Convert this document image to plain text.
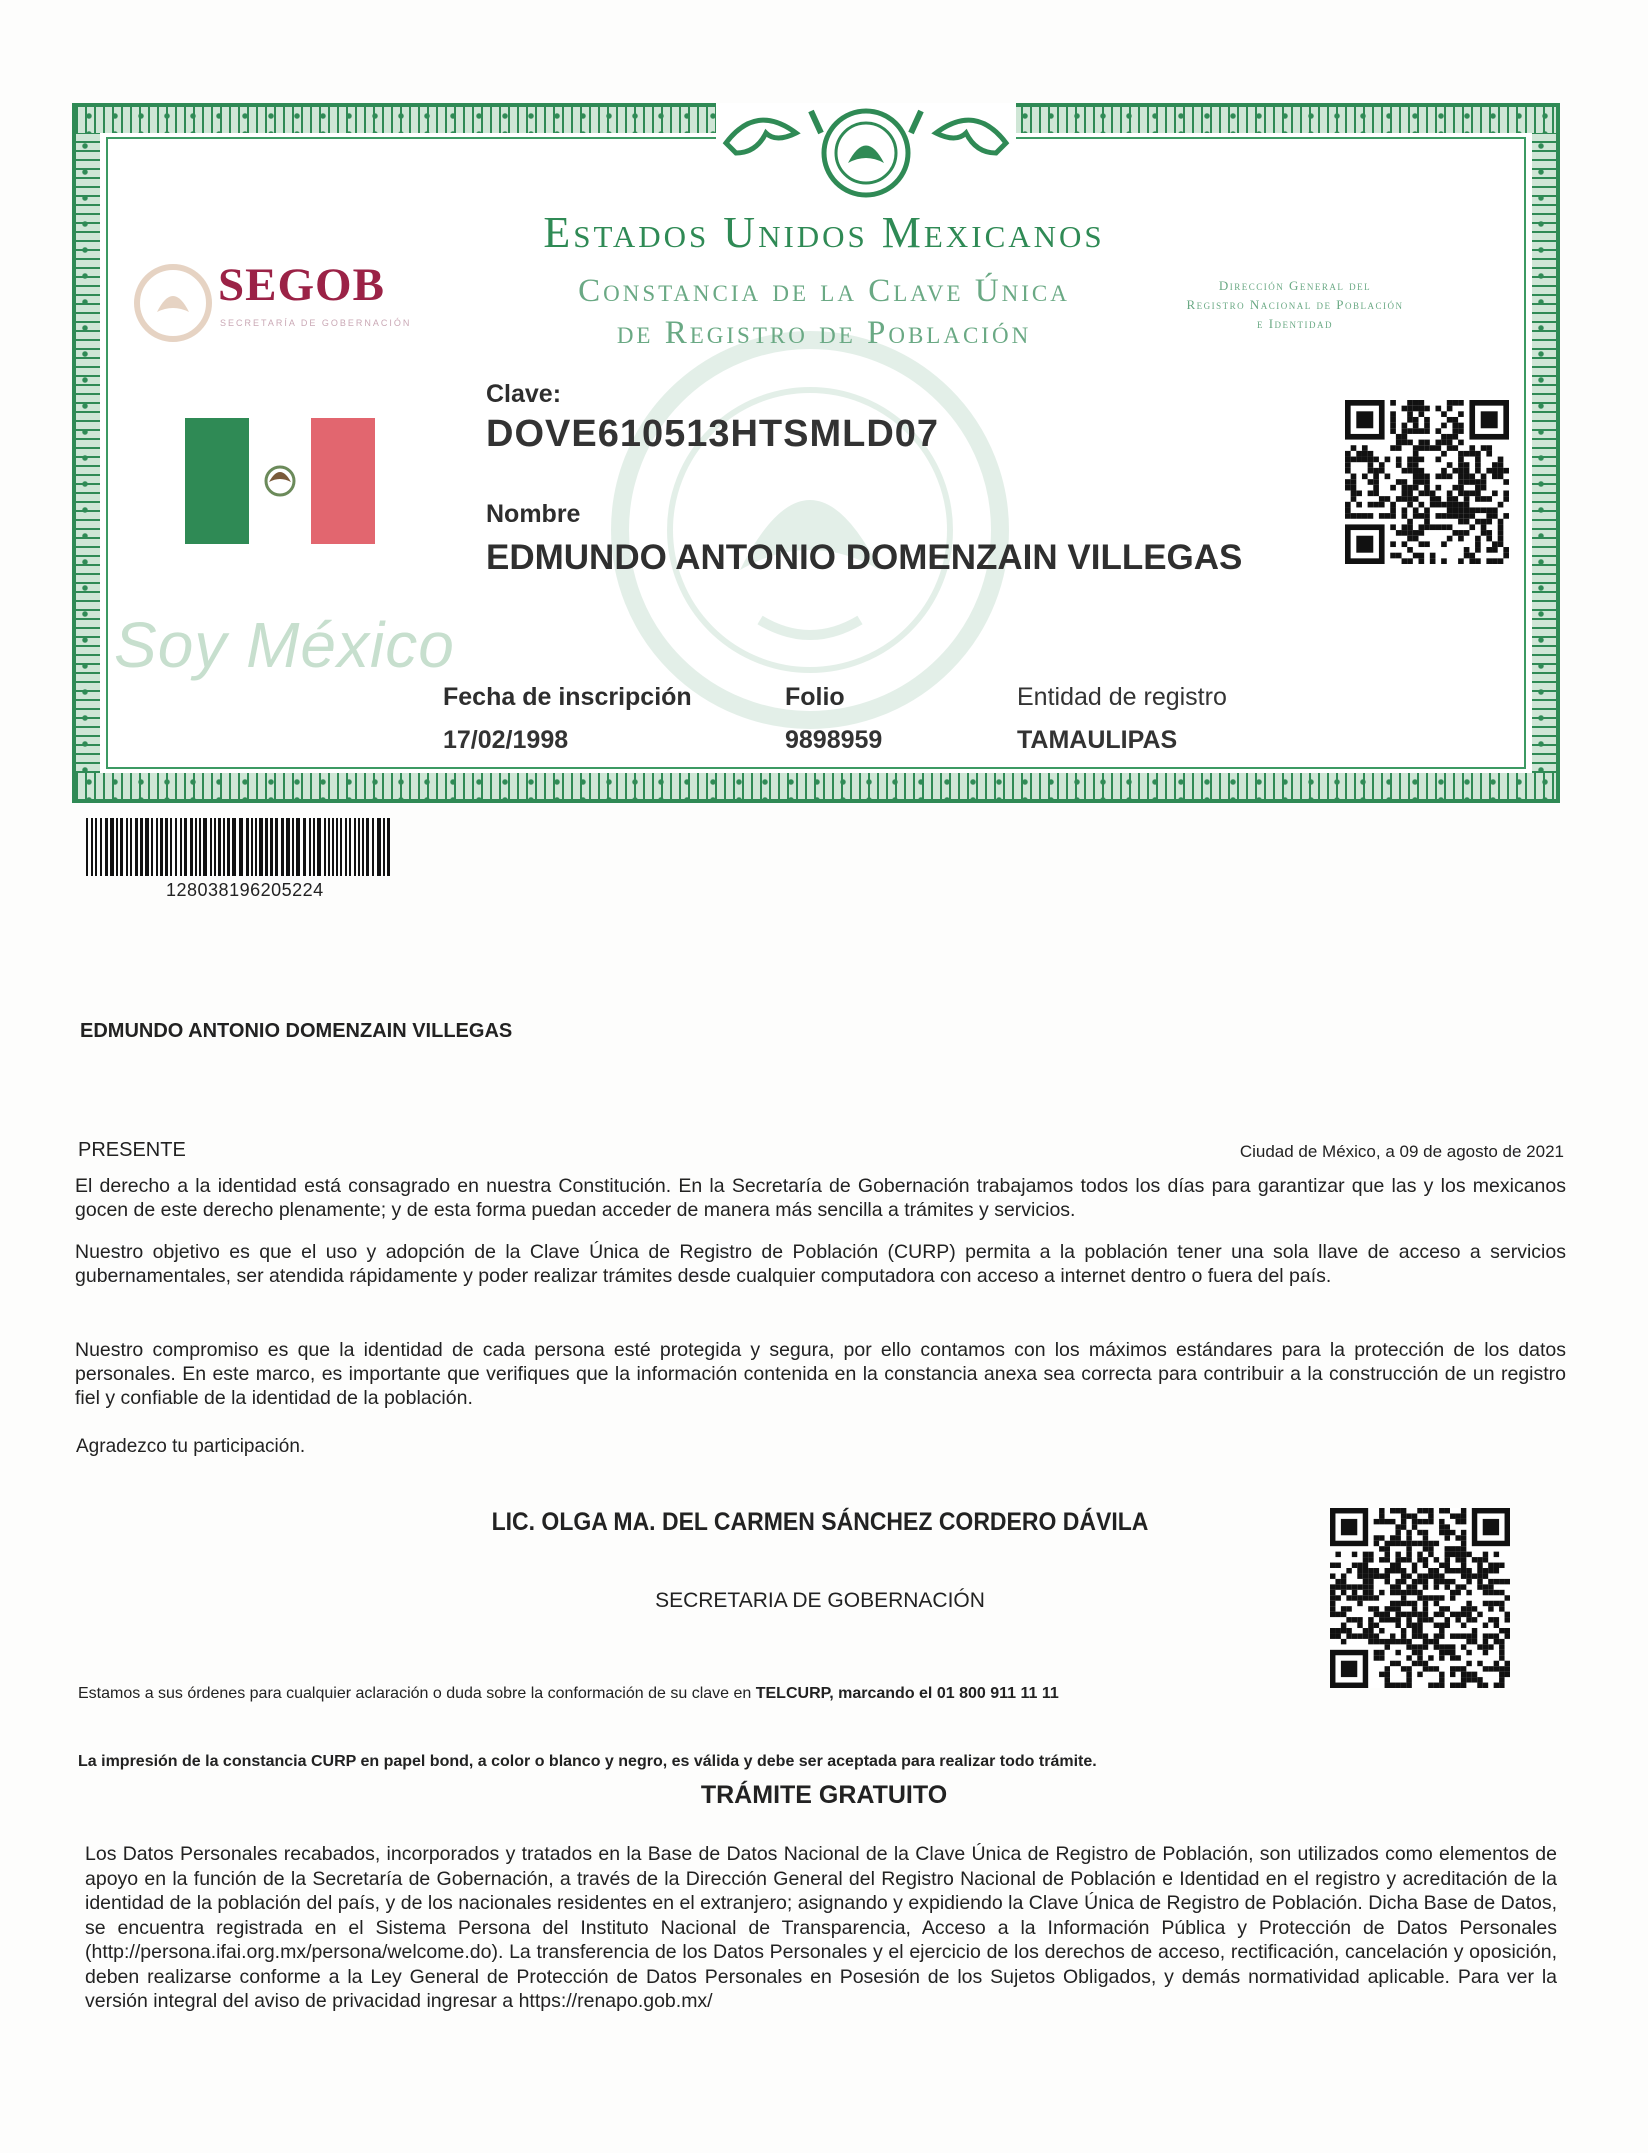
Estados Unidos Mexicanos
Constancia de la Clave Única
de Registro de Población
Dirección General del
Registro Nacional de Población
e Identidad
SEGOB
SECRETARÍA DE GOBERNACIÓN
Soy México
Clave:
DOVE610513HTSMLD07
Nombre
EDMUNDO ANTONIO DOMENZAIN VILLEGAS
Fecha de inscripción
17/02/1998
Folio
9898959
Entidad de registro
TAMAULIPAS
128038196205224
EDMUNDO ANTONIO DOMENZAIN VILLEGAS
PRESENTE	Ciudad de México, a 09 de agosto de 2021
El derecho a la identidad está consagrado en nuestra Constitución. En la Secretaría de Gobernación trabajamos todos los días para garantizar que las y los mexicanos gocen de este derecho plenamente; y de esta forma puedan acceder de manera más sencilla a trámites y servicios.
Nuestro objetivo es que el uso y adopción de la Clave Única de Registro de Población (CURP) permita a la población tener una sola llave de acceso a servicios gubernamentales, ser atendida rápidamente y poder realizar trámites desde cualquier computadora con acceso a internet dentro o fuera del país.
Nuestro compromiso es que la identidad de cada persona esté protegida y segura, por ello contamos con los máximos estándares para la protección de los datos personales. En este marco, es importante que verifiques que la información contenida en la constancia anexa sea correcta para contribuir a la construcción de un registro fiel y confiable de la identidad de la población.
Agradezco tu participación.
LIC. OLGA MA. DEL CARMEN SÁNCHEZ CORDERO DÁVILA
SECRETARIA DE GOBERNACIÓN
Estamos a sus órdenes para cualquier aclaración o duda sobre la conformación de su clave en TELCURP, marcando el 01 800 911 11 11
La impresión de la constancia CURP en papel bond, a color o blanco y negro, es válida y debe ser aceptada para realizar todo trámite.
TRÁMITE GRATUITO
Los Datos Personales recabados, incorporados y tratados en la Base de Datos Nacional de la Clave Única de Registro de Población, son utilizados como elementos de apoyo en la función de la Secretaría de Gobernación, a través de la Dirección General del Registro Nacional de Población e Identidad en el registro y acreditación de la identidad de la población del país, y de los nacionales residentes en el extranjero; asignando y expidiendo la Clave Única de Registro de Población. Dicha Base de Datos, se encuentra registrada en el Sistema Persona del Instituto Nacional de Transparencia, Acceso a la Información Pública y Protección de Datos Personales (http://persona.ifai.org.mx/persona/welcome.do). La transferencia de los Datos Personales y el ejercicio de los derechos de acceso, rectificación, cancelación y oposición, deben realizarse conforme a la Ley General de Protección de Datos Personales en Posesión de los Sujetos Obligados, y demás normatividad aplicable. Para ver la versión integral del aviso de privacidad ingresar a https://renapo.gob.mx/
